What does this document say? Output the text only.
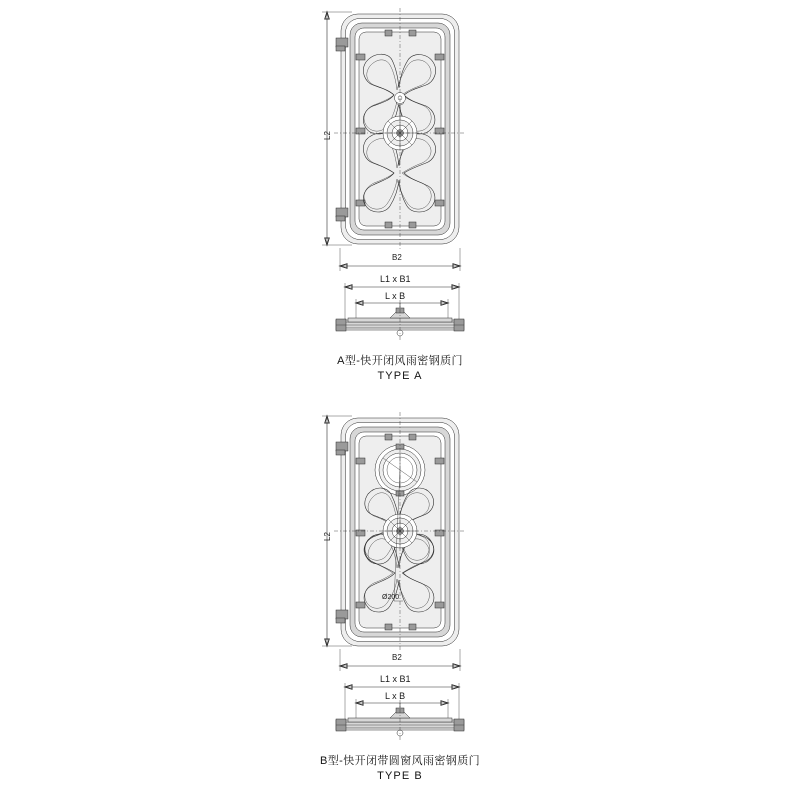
L2
B2
L1 x B1
L x B
A型-快开闭风雨密钢质门
TYPE A
L2
B2
Ø200
L1 x B1
L x B
B型-快开闭带圆窗风雨密钢质门
TYPE B
